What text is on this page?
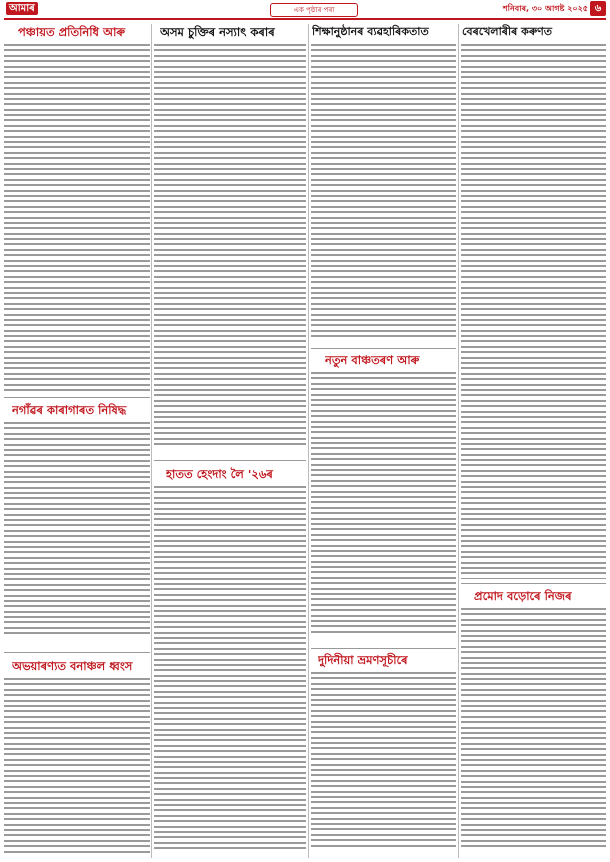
আমাৰ	এক পৃষ্ঠাৰ পৰা	শনিবাৰ, ৩০ আগষ্ট ২০২৫ ৬
পঞ্চায়ত প্ৰতিনিধি আৰু
নগাঁৱৰ কাৰাগাৰত নিষিদ্ধ
অভয়াৰণ্যত বনাঞ্চল ধ্বংস
অসম চুক্তিৰ নস্যাৎ কৰাৰ
হাতত হেংদাং লৈ '২৬ৰ
শিক্ষানুষ্ঠানৰ ব্যৱহাৰিকতাত
নতুন বাঞ্চতৰণ আৰু
দুদিনীয়া ভ্ৰমণসূচীৰে
বেৰখেলাৰীৰ কৰুণত
প্ৰমোদ বড়োৰে নিজৰ
